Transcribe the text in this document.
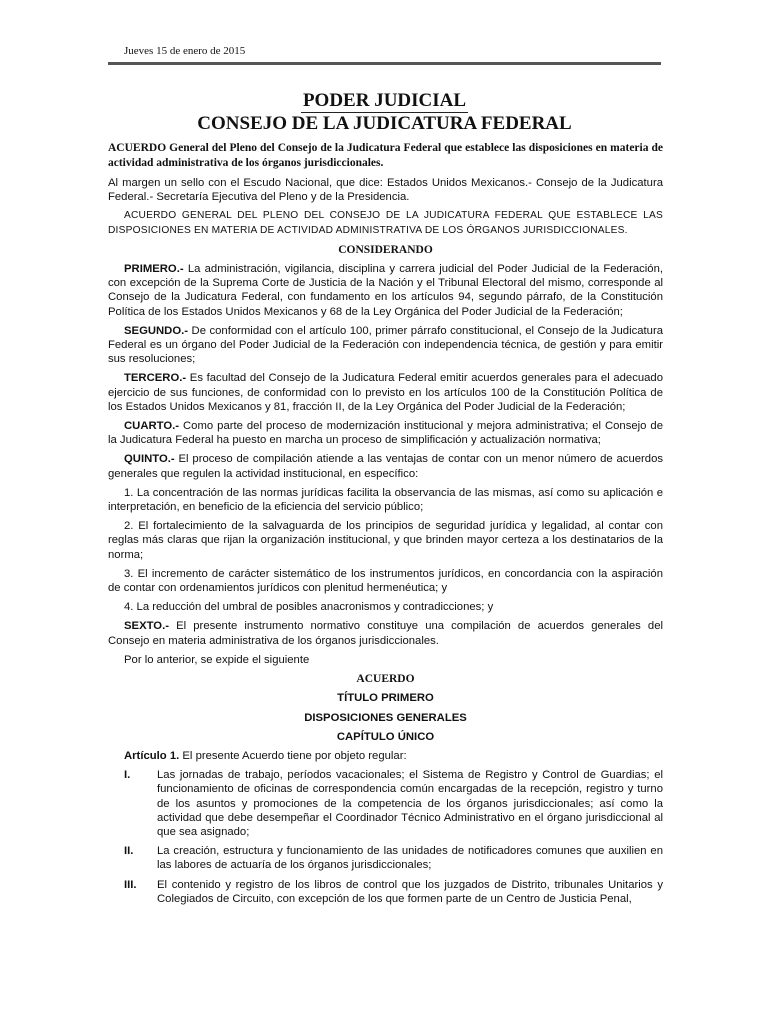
Jueves 15 de enero de 2015
PODER JUDICIAL
CONSEJO DE LA JUDICATURA FEDERAL

ACUERDO General del Pleno del Consejo de la Judicatura Federal que establece las disposiciones en materia de actividad administrativa de los órganos jurisdiccionales.

Al margen un sello con el Escudo Nacional, que dice: Estados Unidos Mexicanos.- Consejo de la Judicatura Federal.- Secretaría Ejecutiva del Pleno y de la Presidencia.

ACUERDO GENERAL DEL PLENO DEL CONSEJO DE LA JUDICATURA FEDERAL QUE ESTABLECE LAS DISPOSICIONES EN MATERIA DE ACTIVIDAD ADMINISTRATIVA DE LOS ÓRGANOS JURISDICCIONALES.

CONSIDERANDO

PRIMERO.- La administración, vigilancia, disciplina y carrera judicial del Poder Judicial de la Federación, con excepción de la Suprema Corte de Justicia de la Nación y el Tribunal Electoral del mismo, corresponde al Consejo de la Judicatura Federal, con fundamento en los artículos 94, segundo párrafo, de la Constitución Política de los Estados Unidos Mexicanos y 68 de la Ley Orgánica del Poder Judicial de la Federación;

SEGUNDO.- De conformidad con el artículo 100, primer párrafo constitucional, el Consejo de la Judicatura Federal es un órgano del Poder Judicial de la Federación con independencia técnica, de gestión y para emitir sus resoluciones;

TERCERO.- Es facultad del Consejo de la Judicatura Federal emitir acuerdos generales para el adecuado ejercicio de sus funciones, de conformidad con lo previsto en los artículos 100 de la Constitución Política de los Estados Unidos Mexicanos y 81, fracción II, de la Ley Orgánica del Poder Judicial de la Federación;

CUARTO.- Como parte del proceso de modernización institucional y mejora administrativa; el Consejo de la Judicatura Federal ha puesto en marcha un proceso de simplificación y actualización normativa;

QUINTO.- El proceso de compilación atiende a las ventajas de contar con un menor número de acuerdos generales que regulen la actividad institucional, en específico:

1. La concentración de las normas jurídicas facilita la observancia de las mismas, así como su aplicación e interpretación, en beneficio de la eficiencia del servicio público;

2. El fortalecimiento de la salvaguarda de los principios de seguridad jurídica y legalidad, al contar con reglas más claras que rijan la organización institucional, y que brinden mayor certeza a los destinatarios de la norma;

3. El incremento de carácter sistemático de los instrumentos jurídicos, en concordancia con la aspiración de contar con ordenamientos jurídicos con plenitud hermenéutica; y

4. La reducción del umbral de posibles anacronismos y contradicciones; y

SEXTO.- El presente instrumento normativo constituye una compilación de acuerdos generales del Consejo en materia administrativa de los órganos jurisdiccionales.

Por lo anterior, se expide el siguiente

ACUERDO

TÍTULO PRIMERO

DISPOSICIONES GENERALES

CAPÍTULO ÚNICO

Artículo 1. El presente Acuerdo tiene por objeto regular:

I.	Las jornadas de trabajo, períodos vacacionales; el Sistema de Registro y Control de Guardias; el funcionamiento de oficinas de correspondencia común encargadas de la recepción, registro y turno de los asuntos y promociones de la competencia de los órganos jurisdiccionales; así como la actividad que debe desempeñar el Coordinador Técnico Administrativo en el órgano jurisdiccional al que sea asignado;
II.	La creación, estructura y funcionamiento de las unidades de notificadores comunes que auxilien en las labores de actuaría de los órganos jurisdiccionales;
III.	El contenido y registro de los libros de control que los juzgados de Distrito, tribunales Unitarios y Colegiados de Circuito, con excepción de los que formen parte de un Centro de Justicia Penal,
